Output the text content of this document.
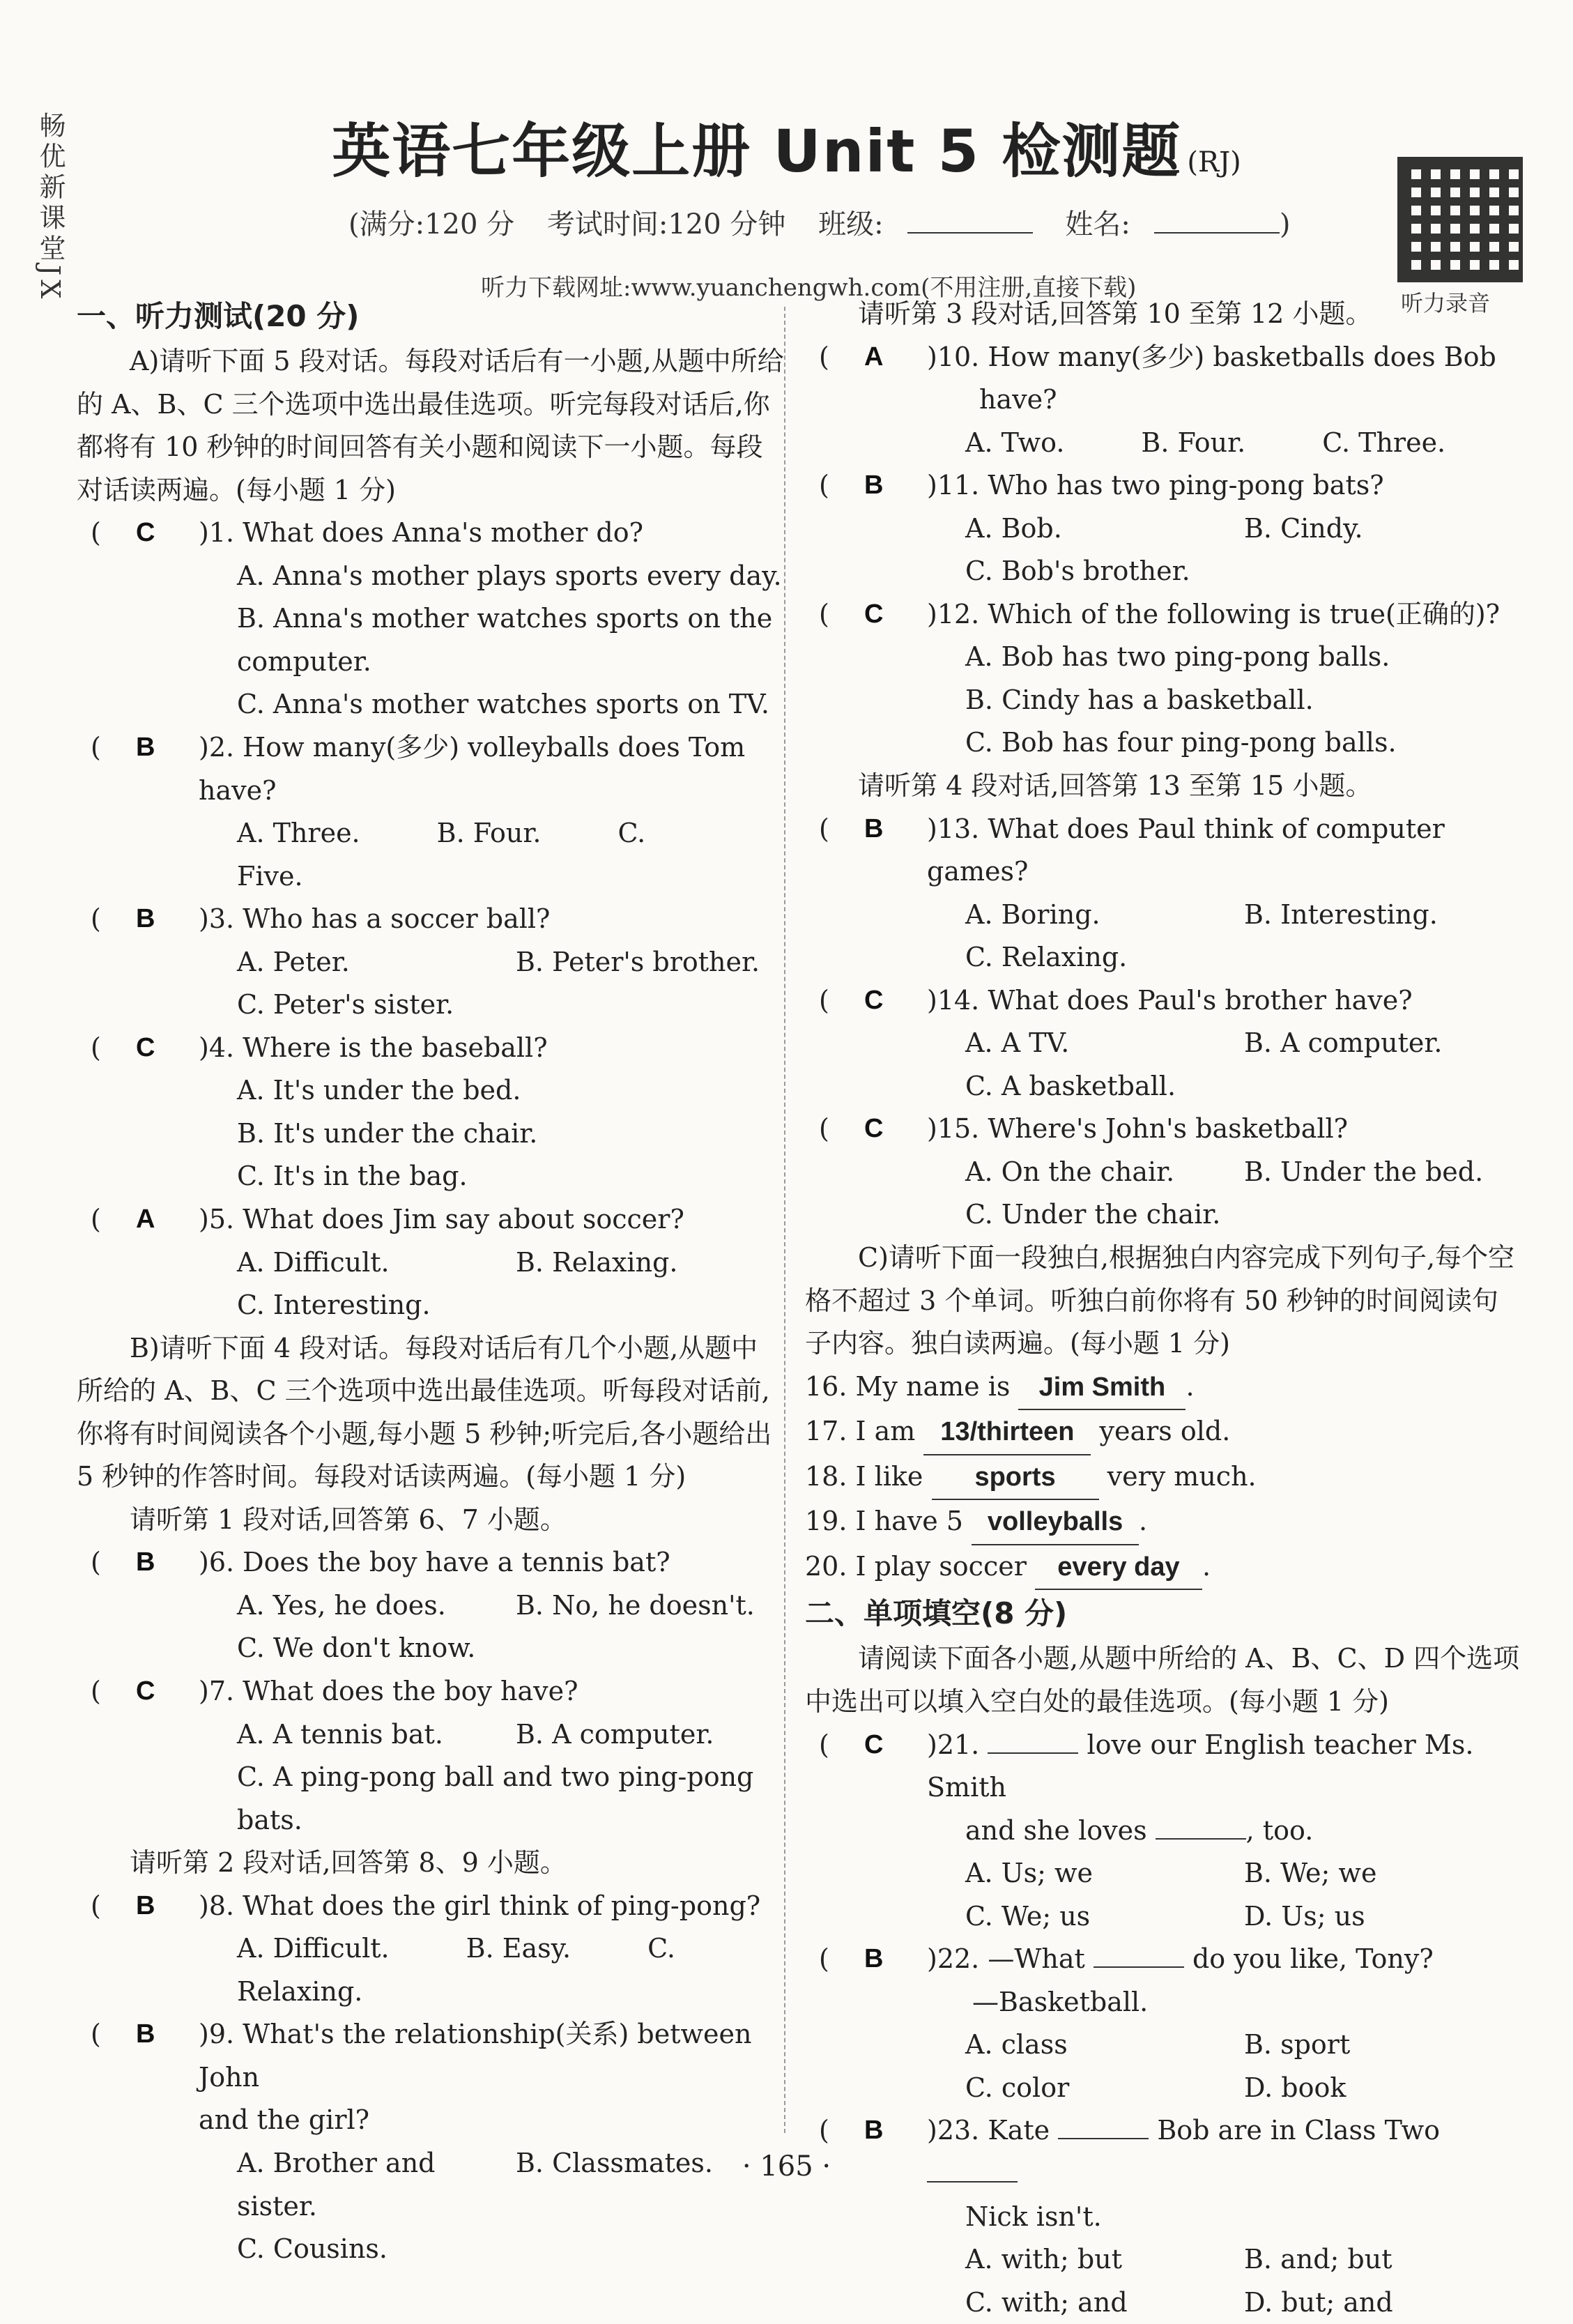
畅优新课堂JX	英语七年级上册 Unit 5 检测题 (RJ)
(满分:120 分 考试时间:120 分钟 班级:	姓名:	)
听力下载网址:www.yuanchengwh.com(不用注册,直接下载)
听力录音
一、听力测试(20 分)
A)请听下面 5 段对话。每段对话后有一小题,从题中所给的 A、B、C 三个选项中选出最佳选项。听完每段对话后,你都将有 10 秒钟的时间回答有关小题和阅读下一小题。每段对话读两遍。(每小题 1 分)
( C )1. What does Anna's mother do?
A. Anna's mother plays sports every day.
B. Anna's mother watches sports on the computer.
C. Anna's mother watches sports on TV.
( B )2. How many(多少) volleyballs does Tom have?
A. Three.	B. Four.	C. Five.
( B )3. Who has a soccer ball?
A. Peter.	B. Peter's brother.
C. Peter's sister.
( C )4. Where is the baseball?
A. It's under the bed.
B. It's under the chair.
C. It's in the bag.
( A )5. What does Jim say about soccer?
A. Difficult.	B. Relaxing.
C. Interesting.
B)请听下面 4 段对话。每段对话后有几个小题,从题中所给的 A、B、C 三个选项中选出最佳选项。听每段对话前,你将有时间阅读各个小题,每小题 5 秒钟;听完后,各小题给出 5 秒钟的作答时间。每段对话读两遍。(每小题 1 分)
请听第 1 段对话,回答第 6、7 小题。
( B )6. Does the boy have a tennis bat?
A. Yes, he does.	B. No, he doesn't.
C. We don't know.
( C )7. What does the boy have?
A. A tennis bat.	B. A computer.
C. A ping-pong ball and two ping-pong bats.
请听第 2 段对话,回答第 8、9 小题。
( B )8. What does the girl think of ping-pong?
A. Difficult.	B. Easy.	C. Relaxing.
( B )9. What's the relationship(关系) between John
and the girl?
A. Brother and sister.
B. Classmates.
C. Cousins.
请听第 3 段对话,回答第 10 至第 12 小题。
( A )10. How many(多少) basketballs does Bob
have?
A. Two.	B. Four.	C. Three.
( B )11. Who has two ping-pong bats?
A. Bob.	B. Cindy.
C. Bob's brother.
( C )12. Which of the following is true(正确的)?
A. Bob has two ping-pong balls.
B. Cindy has a basketball.
C. Bob has four ping-pong balls.
请听第 4 段对话,回答第 13 至第 15 小题。
( B )13. What does Paul think of computer games?
A. Boring.	B. Interesting.
C. Relaxing.
( C )14. What does Paul's brother have?
A. A TV.	B. A computer.
C. A basketball.
( C )15. Where's John's basketball?
A. On the chair.	B. Under the bed.
C. Under the chair.
C)请听下面一段独白,根据独白内容完成下列句子,每个空格不超过 3 个单词。听独白前你将有 50 秒钟的时间阅读句子内容。独白读两遍。(每小题 1 分)
16. My name is Jim Smith .
17. I am 13/thirteen years old.
18. I like sports very much.
19. I have 5 volleyballs .
20. I play soccer every day .
二、单项填空(8 分)
请阅读下面各小题,从题中所给的 A、B、C、D 四个选项中选出可以填入空白处的最佳选项。(每小题 1 分)
( C )21.	love our English teacher Ms. Smith
and she loves	, too.
A. Us; we	B. We; we
C. We; us	D. Us; us
( B )22. —What	do you like, Tony?
—Basketball.
A. class	B. sport
C. color	D. book
( B )23. Kate	Bob are in Class Two
Nick isn't.
A. with; but	B. and; but
C. with; and	D. but; and
· 165 ·
